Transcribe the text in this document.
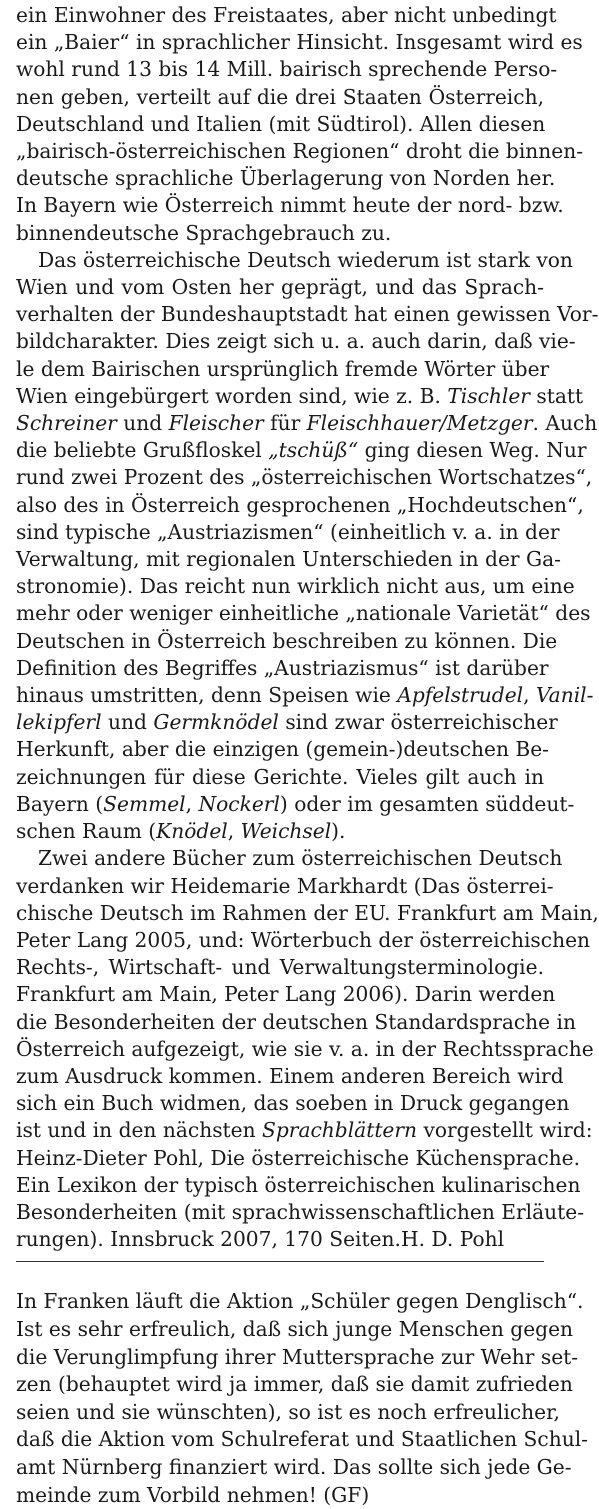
ein Einwohner des Freistaates, aber nicht unbedingt
ein „Baier“ in sprachlicher Hinsicht. Insgesamt wird es
wohl rund 13 bis 14 Mill. bairisch sprechende Perso-
nen geben, verteilt auf die drei Staaten Österreich,
Deutschland und Italien (mit Südtirol). Allen diesen
„bairisch-österreichischen Regionen“ droht die binnen-
deutsche sprachliche Überlagerung von Norden her.
In Bayern wie Österreich nimmt heute der nord- bzw.
binnendeutsche Sprachgebrauch zu.

Das österreichische Deutsch wiederum ist stark von
Wien und vom Osten her geprägt, und das Sprach-
verhalten der Bundeshauptstadt hat einen gewissen Vor-
bildcharakter. Dies zeigt sich u. a. auch darin, daß vie-
le dem Bairischen ursprünglich fremde Wörter über
Wien eingebürgert worden sind, wie z. B. Tischler statt
Schreiner und Fleischer für Fleischhauer/Metzger. Auch
die beliebte Grußfloskel „tschüß“ ging diesen Weg. Nur
rund zwei Prozent des „österreichischen Wortschatzes“,
also des in Österreich gesprochenen „Hochdeutschen“,
sind typische „Austriazismen“ (einheitlich v. a. in der
Verwaltung, mit regionalen Unterschieden in der Ga-
stronomie). Das reicht nun wirklich nicht aus, um eine
mehr oder weniger einheitliche „nationale Varietät“ des
Deutschen in Österreich beschreiben zu können. Die
Definition des Begriffes „Austriazismus“ ist darüber
hinaus umstritten, denn Speisen wie Apfelstrudel, Vanil-
lekipferl und Germknödel sind zwar österreichischer
Herkunft, aber die einzigen (gemein-)deutschen Be-
zeichnungen für diese Gerichte. Vieles gilt auch in
Bayern (Semmel, Nockerl) oder im gesamten süddeut-
schen Raum (Knödel, Weichsel).

Zwei andere Bücher zum österreichischen Deutsch
verdanken wir Heidemarie Markhardt (Das österrei-
chische Deutsch im Rahmen der EU. Frankfurt am Main,
Peter Lang 2005, und: Wörterbuch der österreichischen
Rechts-, Wirtschaft- und Verwaltungsterminologie.
Frankfurt am Main, Peter Lang 2006). Darin werden
die Besonderheiten der deutschen Standardsprache in
Österreich aufgezeigt, wie sie v. a. in der Rechtssprache
zum Ausdruck kommen. Einem anderen Bereich wird
sich ein Buch widmen, das soeben in Druck gegangen
ist und in den nächsten Sprachblättern vorgestellt wird:
Heinz-Dieter Pohl, Die österreichische Küchensprache.
Ein Lexikon der typisch österreichischen kulinarischen
Besonderheiten (mit sprachwissenschaftlichen Erläute-
rungen). Innsbruck 2007, 170 Seiten.H. D. Pohl

In Franken läuft die Aktion „Schüler gegen Denglisch“.
Ist es sehr erfreulich, daß sich junge Menschen gegen
die Verunglimpfung ihrer Muttersprache zur Wehr set-
zen (behauptet wird ja immer, daß sie damit zufrieden
seien und sie wünschten), so ist es noch erfreulicher,
daß die Aktion vom Schulreferat und Staatlichen Schul-
amt Nürnberg finanziert wird. Das sollte sich jede Ge-
meinde zum Vorbild nehmen! (GF)
